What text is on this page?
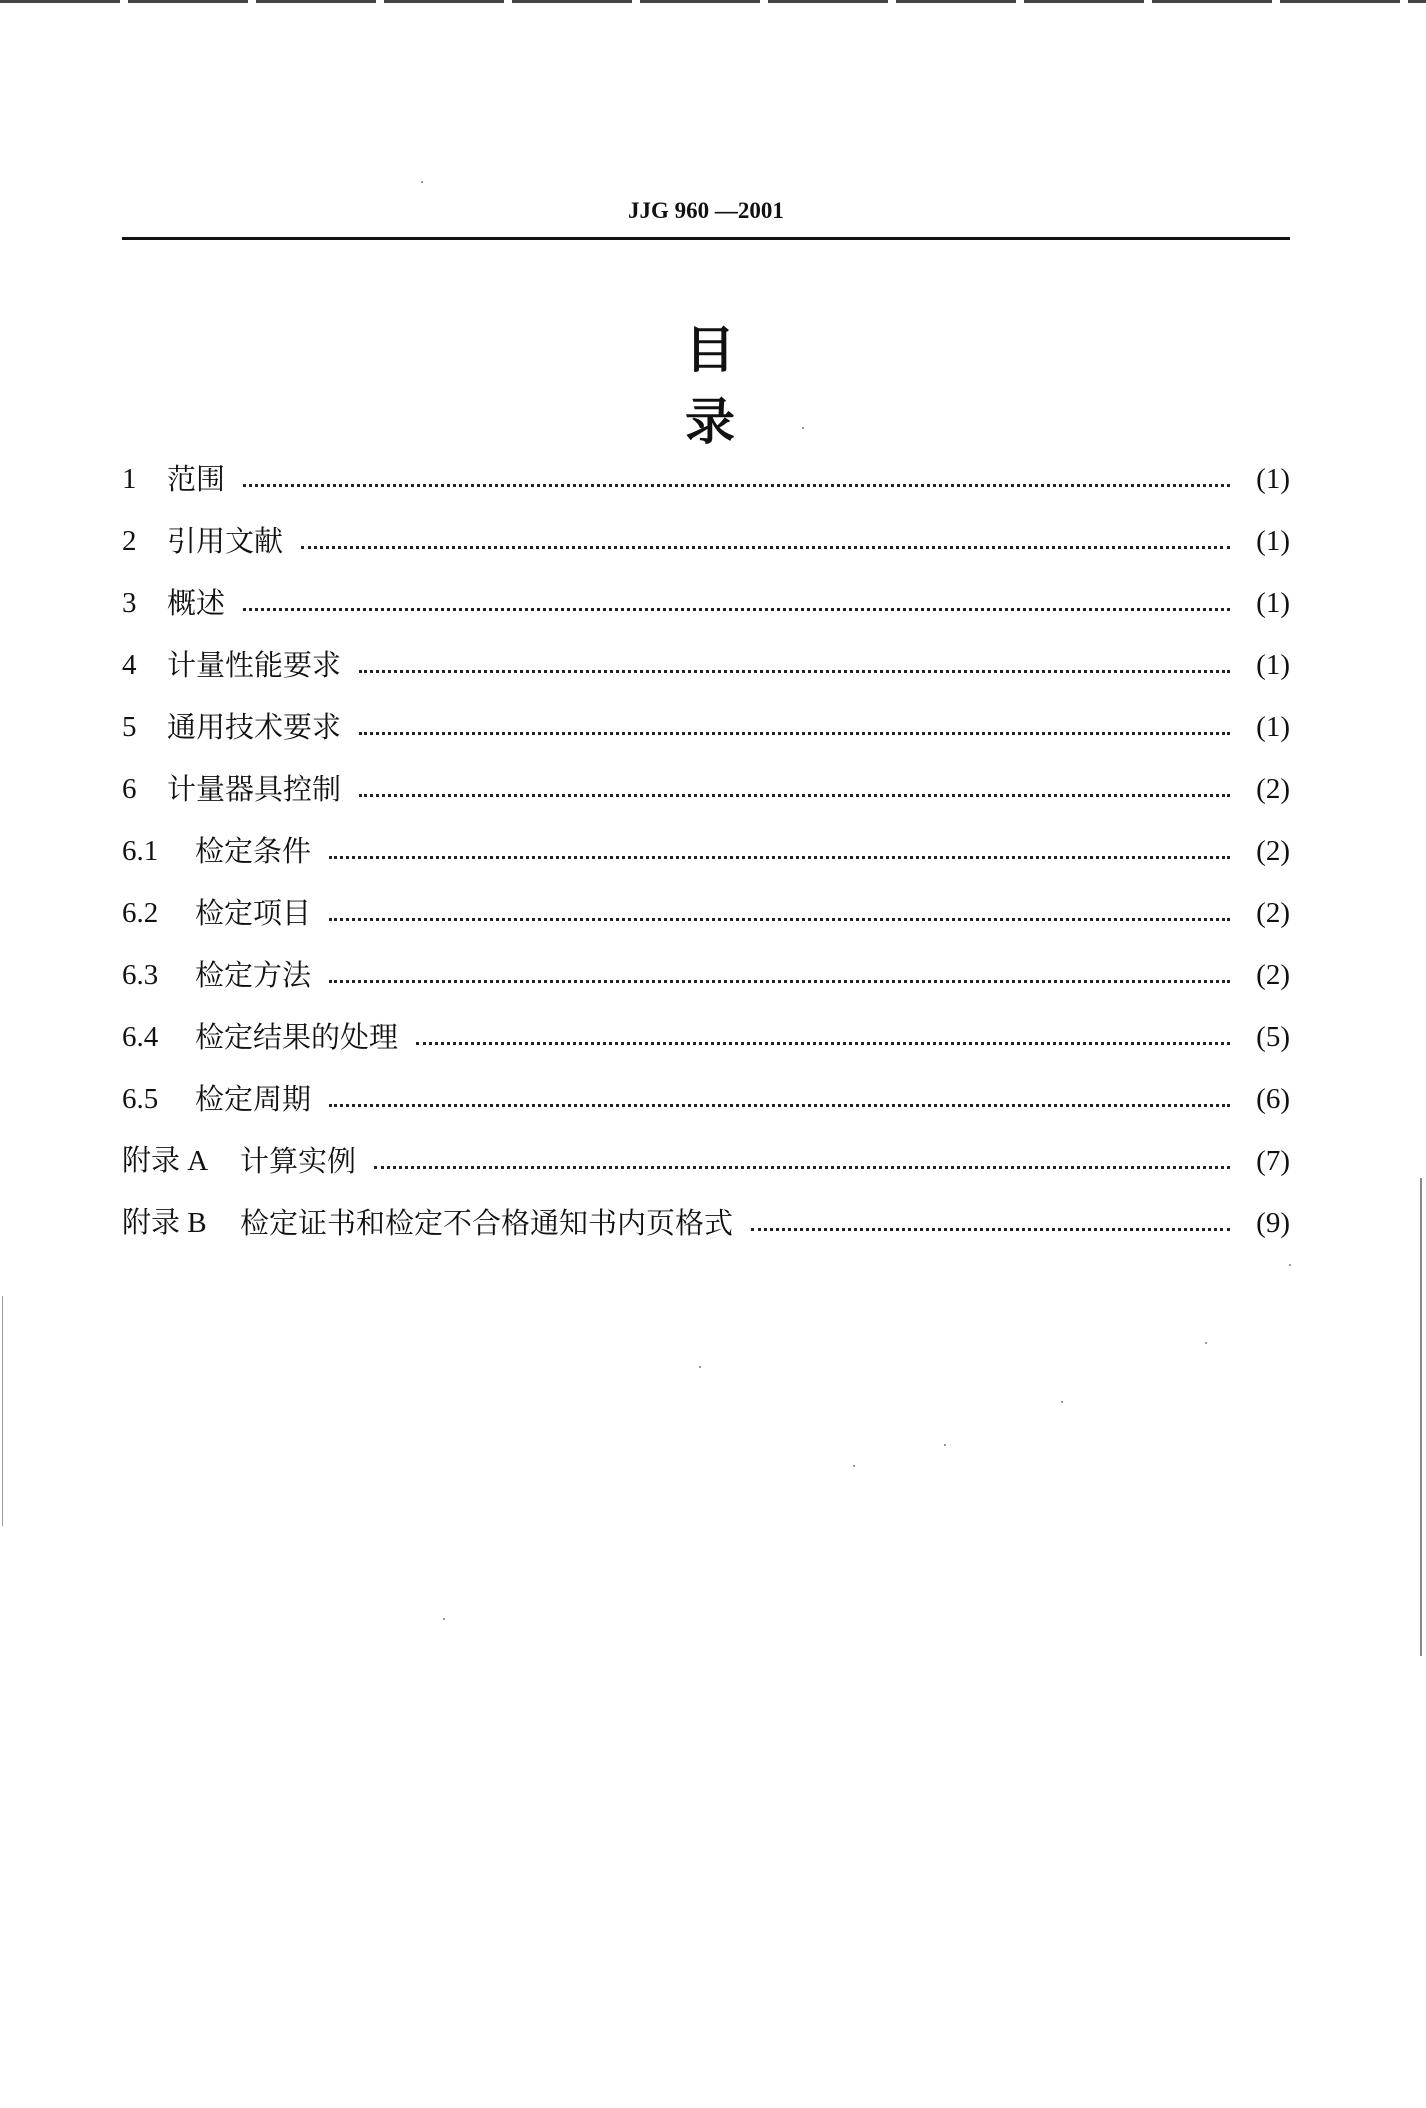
JJG 960 —2001
目 录
1	范围	(1)
2	引用文献	(1)
3	概述	(1)
4	计量性能要求	(1)
5	通用技术要求	(1)
6	计量器具控制	(2)
6.1	检定条件	(2)
6.2	检定项目	(2)
6.3	检定方法	(2)
6.4	检定结果的处理	(5)
6.5	检定周期	(6)
附录 A	计算实例	(7)
附录 B	检定证书和检定不合格通知书内页格式	(9)
